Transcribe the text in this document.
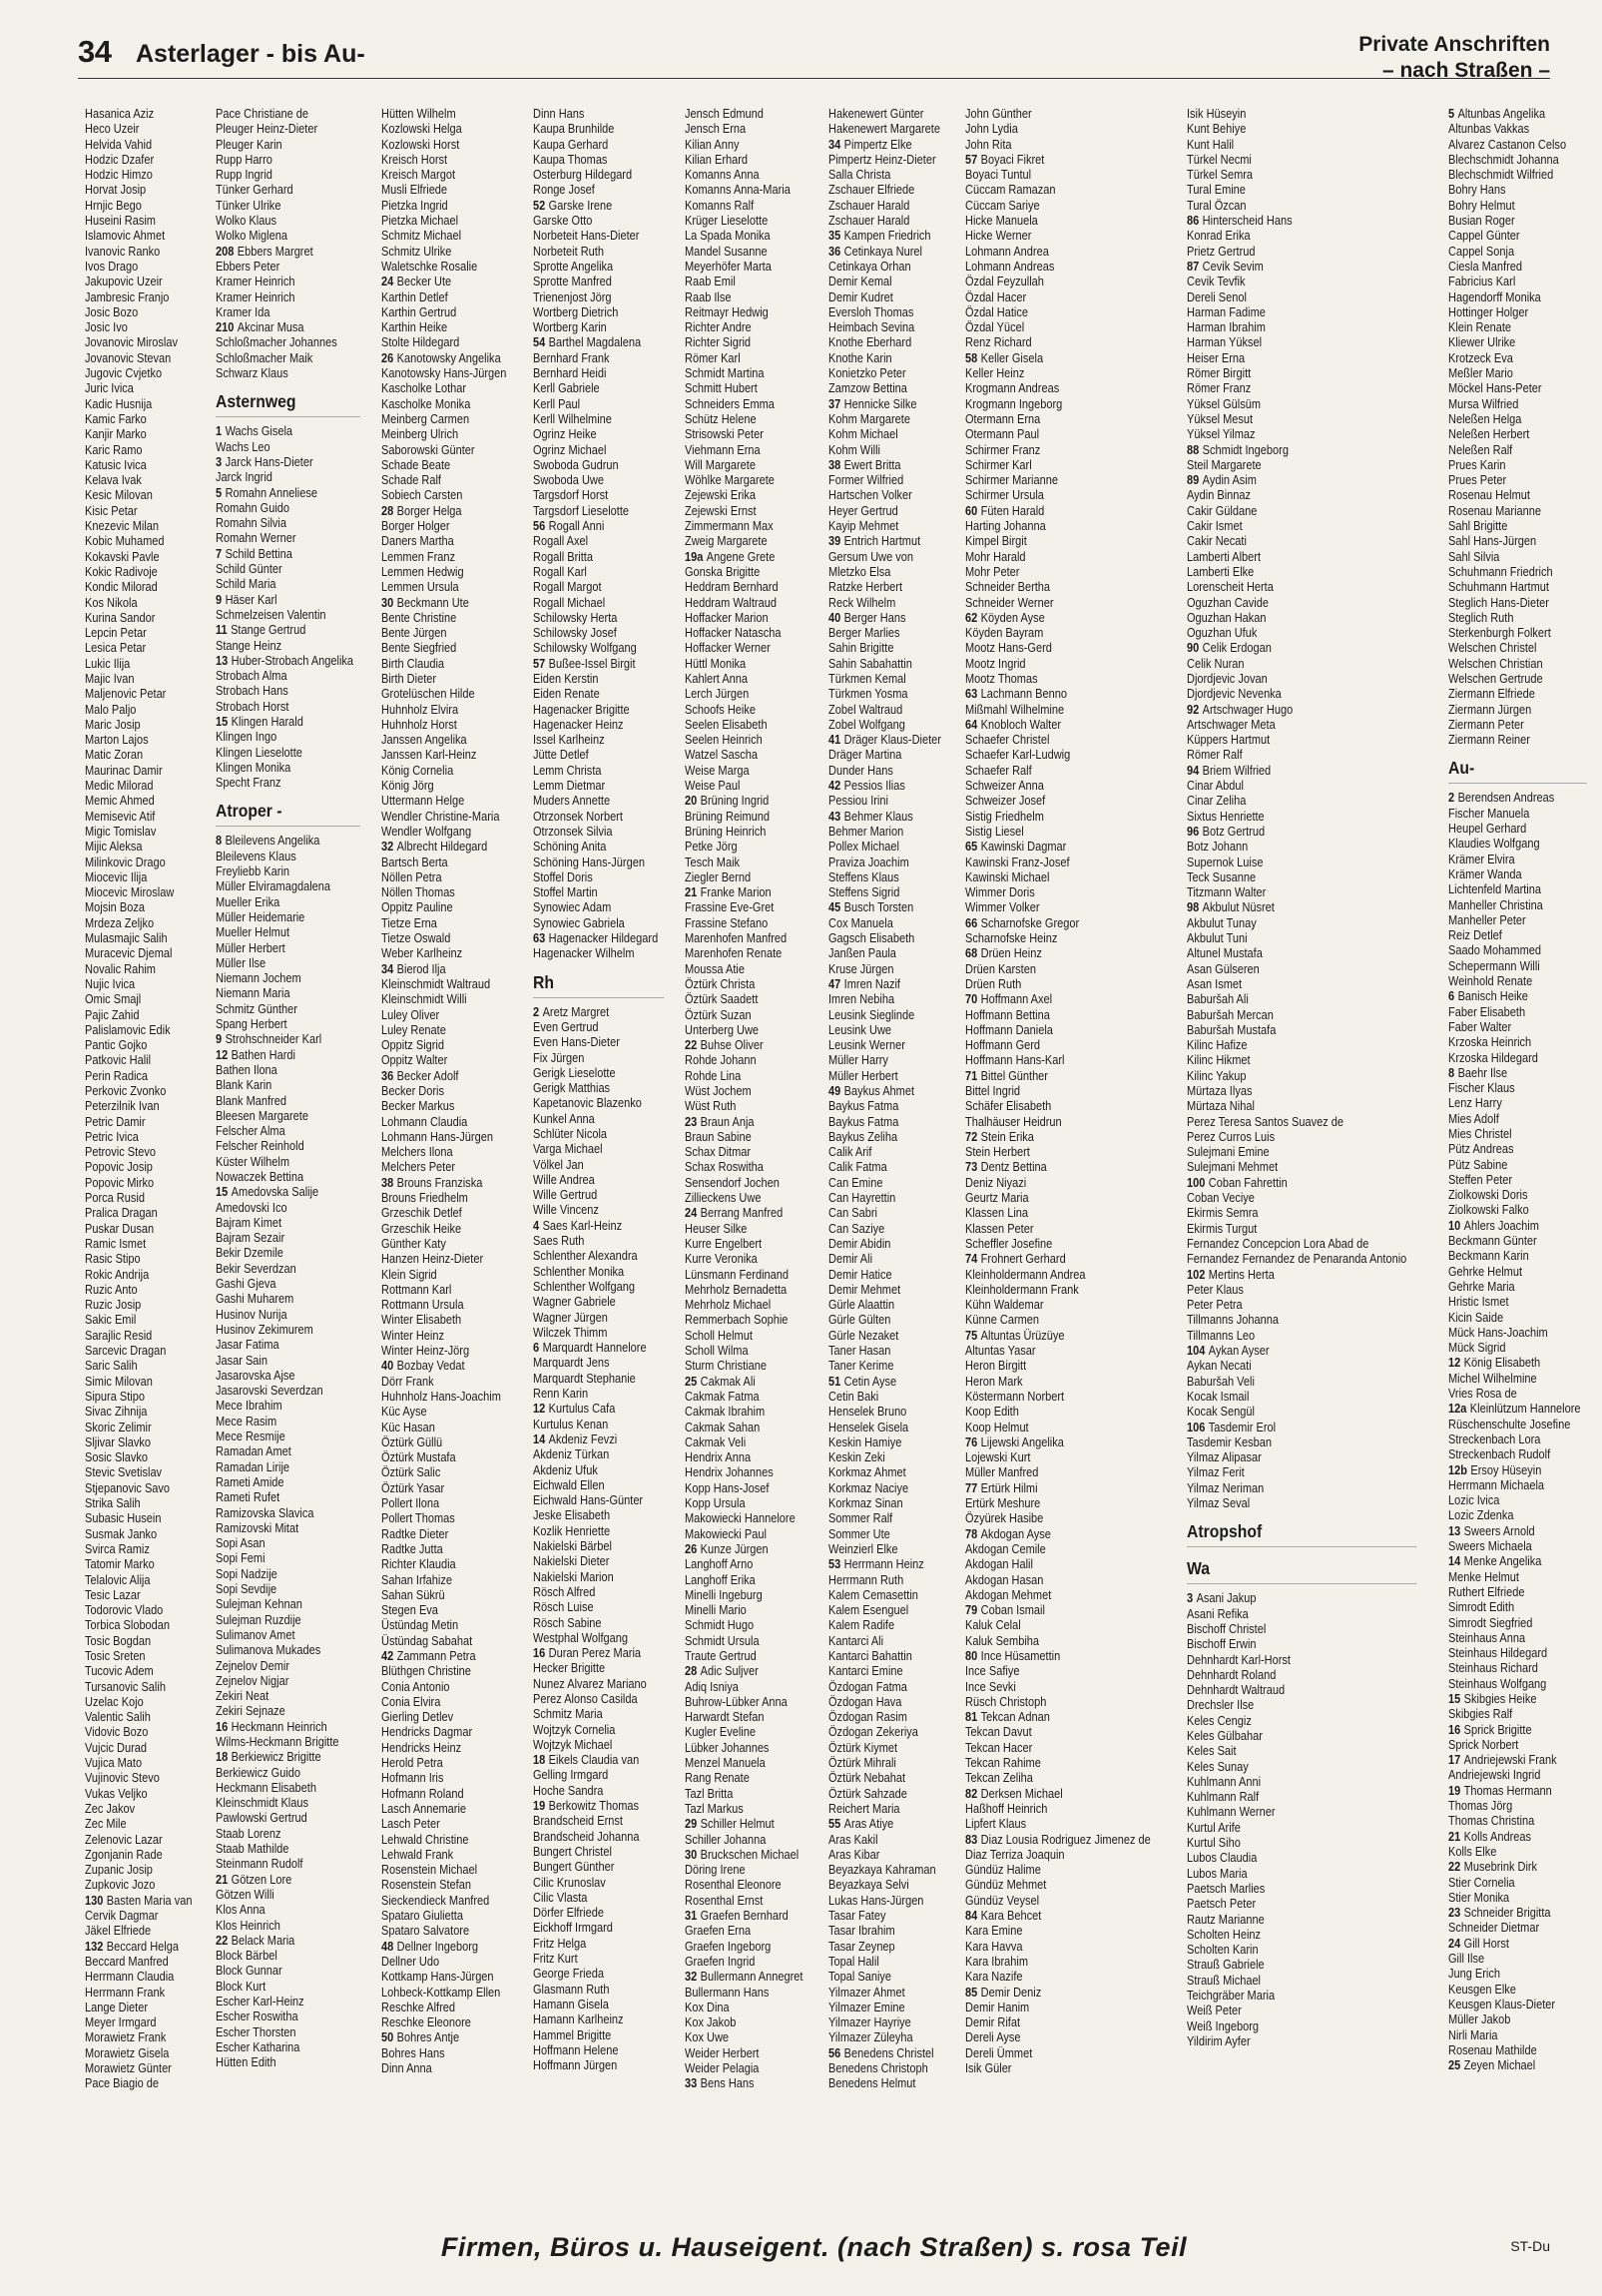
34 Asterlager - bis Au-	Private Anschriften
– nach Straßen –
Hasanica Aziz
Heco Uzeir
Helvida Vahid
Hodzic Dzafer
Hodzic Himzo
Horvat Josip
Hrnjic Bego
Huseini Rasim
Islamovic Ahmet
Ivanovic Ranko
Ivos Drago
Jakupovic Uzeir
Jambresic Franjo
Josic Bozo
Josic Ivo
Jovanovic Miroslav
Jovanovic Stevan
Jugovic Cvjetko
Juric Ivica
Kadic Husnija
Kamic Farko
Kanjir Marko
Karic Ramo
Katusic Ivica
Kelava Ivak
Kesic Milovan
Kisic Petar
Knezevic Milan
Kobic Muhamed
Kokavski Pavle
Kokic Radivoje
Kondic Milorad
Kos Nikola
Kurina Sandor
Lepcin Petar
Lesica Petar
Lukic Ilija
Majic Ivan
Maljenovic Petar
Malo Paljo
Maric Josip
Marton Lajos
Matic Zoran
Maurinac Damir
Medic Milorad
Memic Ahmed
Memisevic Atif
Migic Tomislav
Mijic Aleksa
Milinkovic Drago
Miocevic Ilija
Miocevic Miroslaw
Mojsin Boza
Mrdeza Zeljko
Mulasmajic Salih
Muracevic Djemal
Novalic Rahim
Nujic Ivica
Omic Smajl
Pajic Zahid
Palislamovic Edik
Pantic Gojko
Patkovic Halil
Perin Radica
Perkovic Zvonko
Peterzilnik Ivan
Petric Damir
Petric Ivica
Petrovic Stevo
Popovic Josip
Popovic Mirko
Porca Rusid
Pralica Dragan
Puskar Dusan
Ramic Ismet
Rasic Stipo
Rokic Andrija
Ruzic Anto
Ruzic Josip
Sakic Emil
Sarajlic Resid
Sarcevic Dragan
Saric Salih
Simic Milovan
Sipura Stipo
Sivac Zihnija
Skoric Zelimir
Sljivar Slavko
Sosic Slavko
Stevic Svetislav
Stjepanovic Savo
Strika Salih
Subasic Husein
Susmak Janko
Svirca Ramiz
Tatomir Marko
Telalovic Alija
Tesic Lazar
Todorovic Vlado
Torbica Slobodan
Tosic Bogdan
Tosic Sreten
Tucovic Adem
Tursanovic Salih
Uzelac Kojo
Valentic Salih
Vidovic Bozo
Vujcic Durad
Vujica Mato
Vujinovic Stevo
Vukas Veljko
Zec Jakov
Zec Mile
Zelenovic Lazar
Zgonjanin Rade
Zupanic Josip
Zupkovic Jozo
130 Basten Maria van
Cervik Dagmar
Jäkel Elfriede
132 Beccard Helga
Beccard Manfred
Herrmann Claudia
Herrmann Frank
Lange Dieter
Meyer Irmgard
Morawietz Frank
Morawietz Gisela
Morawietz Günter
Pace Biagio de
Pace Christiane de
Pleuger Heinz-Dieter
Pleuger Karin
Rupp Harro
Rupp Ingrid
Tünker Gerhard
Tünker Ulrike
Wolko Klaus
Wolko Miglena
208 Ebbers Margret
Ebbers Peter
Kramer Heinrich
Kramer Heinrich
Kramer Ida
210 Akcinar Musa
Schloßmacher Johannes
Schloßmacher Maik
Schwarz Klaus
Asternweg
1 Wachs Gisela
Wachs Leo
3 Jarck Hans-Dieter
Jarck Ingrid
5 Romahn Anneliese
Romahn Guido
Romahn Silvia
Romahn Werner
7 Schild Bettina
Schild Günter
Schild Maria
9 Häser Karl
Schmelzeisen Valentin
11 Stange Gertrud
Stange Heinz
13 Huber-Strobach Angelika
Strobach Alma
Strobach Hans
Strobach Horst
15 Klingen Harald
Klingen Ingo
Klingen Lieselotte
Klingen Monika
Specht Franz
Atroper -
8 Bleilevens Angelika
Bleilevens Klaus
Freyliebb Karin
Müller Elviramagdalena
Mueller Erika
Müller Heidemarie
Mueller Helmut
Müller Herbert
Müller Ilse
Niemann Jochem
Niemann Maria
Schmitz Günther
Spang Herbert
9 Strohschneider Karl
12 Bathen Hardi
Bathen Ilona
Blank Karin
Blank Manfred
Bleesen Margarete
Felscher Alma
Felscher Reinhold
Küster Wilhelm
Nowaczek Bettina
15 Amedovska Salije
Amedovski Ico
Bajram Kimet
Bajram Sezair
Bekir Dzemile
Bekir Severdzan
Gashi Gjeva
Gashi Muharem
Husinov Nurija
Husinov Zekimurem
Jasar Fatima
Jasar Sain
Jasarovska Ajse
Jasarovski Severdzan
Mece Ibrahim
Mece Rasim
Mece Resmije
Ramadan Amet
Ramadan Lirije
Rameti Amide
Rameti Rufet
Ramizovska Slavica
Ramizovski Mitat
Sopi Asan
Sopi Femi
Sopi Nadzije
Sopi Sevdije
Sulejman Kehnan
Sulejman Ruzdije
Sulimanov Amet
Sulimanova Mukades
Zejnelov Demir
Zejnelov Nigjar
Zekiri Neat
Zekiri Sejnaze
16 Heckmann Heinrich
Wilms-Heckmann Brigitte
18 Berkiewicz Brigitte
Berkiewicz Guido
Heckmann Elisabeth
Kleinschmidt Klaus
Pawlowski Gertrud
Staab Lorenz
Staab Mathilde
Steinmann Rudolf
21 Götzen Lore
Götzen Willi
Klos Anna
Klos Heinrich
22 Belack Maria
Block Bärbel
Block Gunnar
Block Kurt
Escher Karl-Heinz
Escher Roswitha
Escher Thorsten
Escher Katharina
Hütten Edith
Hütten Wilhelm
Kozlowski Helga
Kozlowski Horst
Kreisch Horst
Kreisch Margot
Musli Elfriede
Pietzka Ingrid
Pietzka Michael
Schmitz Michael
Schmitz Ulrike
Waletschke Rosalie
24 Becker Ute
Karthin Detlef
Karthin Gertrud
Karthin Heike
Stolte Hildegard
26 Kanotowsky Angelika
Kanotowsky Hans-Jürgen
Kascholke Lothar
Kascholke Monika
Meinberg Carmen
Meinberg Ulrich
Saborowski Günter
Schade Beate
Schade Ralf
Sobiech Carsten
28 Borger Helga
Borger Holger
Daners Martha
Lemmen Franz
Lemmen Hedwig
Lemmen Ursula
30 Beckmann Ute
Bente Christine
Bente Jürgen
Bente Siegfried
Birth Claudia
Birth Dieter
Grotelüschen Hilde
Huhnholz Elvira
Huhnholz Horst
Janssen Angelika
Janssen Karl-Heinz
König Cornelia
König Jörg
Uttermann Helge
Wendler Christine-Maria
Wendler Wolfgang
32 Albrecht Hildegard
Bartsch Berta
Nöllen Petra
Nöllen Thomas
Oppitz Pauline
Tietze Erna
Tietze Oswald
Weber Karlheinz
34 Bierod Ilja
Kleinschmidt Waltraud
Kleinschmidt Willi
Luley Oliver
Luley Renate
Oppitz Sigrid
Oppitz Walter
36 Becker Adolf
Becker Doris
Becker Markus
Lohmann Claudia
Lohmann Hans-Jürgen
Melchers Ilona
Melchers Peter
38 Brouns Franziska
Brouns Friedhelm
Grzeschik Detlef
Grzeschik Heike
Günther Katy
Hanzen Heinz-Dieter
Klein Sigrid
Rottmann Karl
Rottmann Ursula
Winter Elisabeth
Winter Heinz
Winter Heinz-Jörg
40 Bozbay Vedat
Dörr Frank
Huhnholz Hans-Joachim
Küc Ayse
Küc Hasan
Öztürk Güllü
Öztürk Mustafa
Öztürk Salic
Öztürk Yasar
Pollert Ilona
Pollert Thomas
Radtke Dieter
Radtke Jutta
Richter Klaudia
Sahan Irfahize
Sahan Sükrü
Stegen Eva
Üstündag Metin
Üstündag Sabahat
42 Zammann Petra
Blüthgen Christine
Conia Antonio
Conia Elvira
Gierling Detlev
Hendricks Dagmar
Hendricks Heinz
Herold Petra
Hofmann Iris
Hofmann Roland
Lasch Annemarie
Lasch Peter
Lehwald Christine
Lehwald Frank
Rosenstein Michael
Rosenstein Stefan
Sieckendieck Manfred
Spataro Giulietta
Spataro Salvatore
48 Dellner Ingeborg
Dellner Udo
Kottkamp Hans-Jürgen
Lohbeck-Kottkamp Ellen
Reschke Alfred
Reschke Eleonore
50 Bohres Antje
Bohres Hans
Dinn Anna
Dinn Hans
Kaupa Brunhilde
Kaupa Gerhard
Kaupa Thomas
Osterburg Hildegard
Ronge Josef
52 Garske Irene
Garske Otto
Norbeteit Hans-Dieter
Norbeteit Ruth
Sprotte Angelika
Sprotte Manfred
Trienenjost Jörg
Wortberg Dietrich
Wortberg Karin
54 Barthel Magdalena
Bernhard Frank
Bernhard Heidi
Kerll Gabriele
Kerll Paul
Kerll Wilhelmine
Ogrinz Heike
Ogrinz Michael
Swoboda Gudrun
Swoboda Uwe
Targsdorf Horst
Targsdorf Lieselotte
56 Rogall Anni
Rogall Axel
Rogall Britta
Rogall Karl
Rogall Margot
Rogall Michael
Schilowsky Herta
Schilowsky Josef
Schilowsky Wolfgang
57 Bußee-Issel Birgit
Eiden Kerstin
Eiden Renate
Hagenacker Brigitte
Hagenacker Heinz
Issel Karlheinz
Jütte Detlef
Lemm Christa
Lemm Dietmar
Muders Annette
Otrzonsek Norbert
Otrzonsek Silvia
Schöning Anita
Schöning Hans-Jürgen
Stoffel Doris
Stoffel Martin
Synowiec Adam
Synowiec Gabriela
63 Hagenacker Hildegard
Hagenacker Wilhelm
Rh
2 Aretz Margret
Even Gertrud
Even Hans-Dieter
Fix Jürgen
Gerigk Lieselotte
Gerigk Matthias
Kapetanovic Blazenko
Kunkel Anna
Schlüter Nicola
Varga Michael
Völkel Jan
Wille Andrea
Wille Gertrud
Wille Vincenz
4 Saes Karl-Heinz
Saes Ruth
Schlenther Alexandra
Schlenther Monika
Schlenther Wolfgang
Wagner Gabriele
Wagner Jürgen
Wilczek Thimm
6 Marquardt Hannelore
Marquardt Jens
Marquardt Stephanie
Renn Karin
12 Kurtulus Cafa
Kurtulus Kenan
14 Akdeniz Fevzi
Akdeniz Türkan
Akdeniz Ufuk
Eichwald Ellen
Eichwald Hans-Günter
Jeske Elisabeth
Kozlik Henriette
Nakielski Bärbel
Nakielski Dieter
Nakielski Marion
Rösch Alfred
Rösch Luise
Rösch Sabine
Westphal Wolfgang
16 Duran Perez Maria
Hecker Brigitte
Nunez Alvarez Mariano
Perez Alonso Casilda
Schmitz Maria
Wojtzyk Cornelia
Wojtzyk Michael
18 Eikels Claudia van
Gelling Irmgard
Hoche Sandra
19 Berkowitz Thomas
Brandscheid Ernst
Brandscheid Johanna
Bungert Christel
Bungert Günther
Cilic Krunoslav
Cilic Vlasta
Dörfer Elfriede
Eickhoff Irmgard
Fritz Helga
Fritz Kurt
George Frieda
Glasmann Ruth
Hamann Gisela
Hamann Karlheinz
Hammel Brigitte
Hoffmann Helene
Hoffmann Jürgen
Jensch Edmund
Jensch Erna
Kilian Anny
Kilian Erhard
Komanns Anna
Komanns Anna-Maria
Komanns Ralf
Krüger Lieselotte
La Spada Monika
Mandel Susanne
Meyerhöfer Marta
Raab Emil
Raab Ilse
Reitmayr Hedwig
Richter Andre
Richter Sigrid
Römer Karl
Schmidt Martina
Schmitt Hubert
Schneiders Emma
Schütz Helene
Strisowski Peter
Viehmann Erna
Will Margarete
Wöhlke Margarete
Zejewski Erika
Zejewski Ernst
Zimmermann Max
Zweig Margarete
19a Angene Grete
Gonska Brigitte
Heddram Bernhard
Heddram Waltraud
Hoffacker Marion
Hoffacker Natascha
Hoffacker Werner
Hüttl Monika
Kahlert Anna
Lerch Jürgen
Schoofs Heike
Seelen Elisabeth
Seelen Heinrich
Watzel Sascha
Weise Marga
Weise Paul
20 Brüning Ingrid
Brüning Reimund
Brüning Heinrich
Petke Jörg
Tesch Maik
Ziegler Bernd
21 Franke Marion
Frassine Eve-Gret
Frassine Stefano
Marenhofen Manfred
Marenhofen Renate
Moussa Atie
Öztürk Christa
Öztürk Saadett
Öztürk Suzan
Unterberg Uwe
22 Buhse Oliver
Rohde Johann
Rohde Lina
Wüst Jochem
Wüst Ruth
23 Braun Anja
Braun Sabine
Schax Ditmar
Schax Roswitha
Sensendorf Jochen
Zillieckens Uwe
24 Berrang Manfred
Heuser Silke
Kurre Engelbert
Kurre Veronika
Lünsmann Ferdinand
Mehrholz Bernadetta
Mehrholz Michael
Remmerbach Sophie
Scholl Helmut
Scholl Wilma
Sturm Christiane
25 Cakmak Ali
Cakmak Fatma
Cakmak Ibrahim
Cakmak Sahan
Cakmak Veli
Hendrix Anna
Hendrix Johannes
Kopp Hans-Josef
Kopp Ursula
Makowiecki Hannelore
Makowiecki Paul
26 Kunze Jürgen
Langhoff Arno
Langhoff Erika
Minelli Ingeburg
Minelli Mario
Schmidt Hugo
Schmidt Ursula
Traute Gertrud
28 Adic Suljver
Adiq Isniya
Buhrow-Lübker Anna
Harwardt Stefan
Kugler Eveline
Lübker Johannes
Menzel Manuela
Rang Renate
Tazl Britta
Tazl Markus
29 Schiller Helmut
Schiller Johanna
30 Bruckschen Michael
Döring Irene
Rosenthal Eleonore
Rosenthal Ernst
31 Graefen Bernhard
Graefen Erna
Graefen Ingeborg
Graefen Ingrid
32 Bullermann Annegret
Bullermann Hans
Kox Dina
Kox Jakob
Kox Uwe
Weider Herbert
Weider Pelagia
33 Bens Hans
Hakenewert Günter
Hakenewert Margarete
34 Pimpertz Elke
Pimpertz Heinz-Dieter
Salla Christa
Zschauer Elfriede
Zschauer Harald
Zschauer Harald
35 Kampen Friedrich
36 Cetinkaya Nurel
Cetinkaya Orhan
Demir Kemal
Demir Kudret
Eversloh Thomas
Heimbach Sevina
Knothe Eberhard
Knothe Karin
Konietzko Peter
Zamzow Bettina
37 Hennicke Silke
Kohm Margarete
Kohm Michael
Kohm Willi
38 Ewert Britta
Former Wilfried
Hartschen Volker
Heyer Gertrud
Kayip Mehmet
39 Entrich Hartmut
Gersum Uwe von
Mletzko Elsa
Ratzke Herbert
Reck Wilhelm
40 Berger Hans
Berger Marlies
Sahin Brigitte
Sahin Sabahattin
Türkmen Kemal
Türkmen Yosma
Zobel Waltraud
Zobel Wolfgang
41 Dräger Klaus-Dieter
Dräger Martina
Dunder Hans
42 Pessios Ilias
Pessiou Irini
43 Behmer Klaus
Behmer Marion
Pollex Michael
Praviza Joachim
Steffens Klaus
Steffens Sigrid
45 Busch Torsten
Cox Manuela
Gagsch Elisabeth
Janßen Paula
Kruse Jürgen
47 Imren Nazif
Imren Nebiha
Leusink Sieglinde
Leusink Uwe
Leusink Werner
Müller Harry
Müller Herbert
49 Baykus Ahmet
Baykus Fatma
Baykus Fatma
Baykus Zeliha
Calik Arif
Calik Fatma
Can Emine
Can Hayrettin
Can Sabri
Can Saziye
Demir Abidin
Demir Ali
Demir Hatice
Demir Mehmet
Gürle Alaattin
Gürle Gülten
Gürle Nezaket
Taner Hasan
Taner Kerime
51 Cetin Ayse
Cetin Baki
Henselek Bruno
Henselek Gisela
Keskin Hamiye
Keskin Zeki
Korkmaz Ahmet
Korkmaz Naciye
Korkmaz Sinan
Sommer Ralf
Sommer Ute
Weinzierl Elke
53 Herrmann Heinz
Herrmann Ruth
Kalem Cemasettin
Kalem Esenguel
Kalem Radife
Kantarci Ali
Kantarci Bahattin
Kantarci Emine
Özdogan Fatma
Özdogan Hava
Özdogan Rasim
Özdogan Zekeriya
Öztürk Kiymet
Öztürk Mihrali
Öztürk Nebahat
Öztürk Sahzade
Reichert Maria
55 Aras Atiye
Aras Kakil
Aras Kibar
Beyazkaya Kahraman
Beyazkaya Selvi
Lukas Hans-Jürgen
Tasar Fatey
Tasar Ibrahim
Tasar Zeynep
Topal Halil
Topal Saniye
Yilmazer Ahmet
Yilmazer Emine
Yilmazer Hayriye
Yilmazer Züleyha
56 Benedens Christel
Benedens Christoph
Benedens Helmut
John Günther
John Lydia
John Rita
57 Boyaci Fikret
Boyaci Tuntul
Cüccam Ramazan
Cüccam Sariye
Hicke Manuela
Hicke Werner
Lohmann Andrea
Lohmann Andreas
Özdal Feyzullah
Özdal Hacer
Özdal Hatice
Özdal Yücel
Renz Richard
58 Keller Gisela
Keller Heinz
Krogmann Andreas
Krogmann Ingeborg
Otermann Erna
Otermann Paul
Schirmer Franz
Schirmer Karl
Schirmer Marianne
Schirmer Ursula
60 Füten Harald
Harting Johanna
Kimpel Birgit
Mohr Harald
Mohr Peter
Schneider Bertha
Schneider Werner
62 Köyden Ayse
Köyden Bayram
Mootz Hans-Gerd
Mootz Ingrid
Mootz Thomas
63 Lachmann Benno
Mißmahl Wilhelmine
64 Knobloch Walter
Schaefer Christel
Schaefer Karl-Ludwig
Schaefer Ralf
Schweizer Anna
Schweizer Josef
Sistig Friedhelm
Sistig Liesel
65 Kawinski Dagmar
Kawinski Franz-Josef
Kawinski Michael
Wimmer Doris
Wimmer Volker
66 Scharnofske Gregor
Scharnofske Heinz
68 Drüen Heinz
Drüen Karsten
Drüen Ruth
70 Hoffmann Axel
Hoffmann Bettina
Hoffmann Daniela
Hoffmann Gerd
Hoffmann Hans-Karl
71 Bittel Günther
Bittel Ingrid
Schäfer Elisabeth
Thalhäuser Heidrun
72 Stein Erika
Stein Herbert
73 Dentz Bettina
Deniz Niyazi
Geurtz Maria
Klassen Lina
Klassen Peter
Scheffler Josefine
74 Frohnert Gerhard
Kleinholdermann Andrea
Kleinholdermann Frank
Kühn Waldemar
Künne Carmen
75 Altuntas Ürüzüye
Altuntas Yasar
Heron Birgitt
Heron Mark
Köstermann Norbert
Koop Edith
Koop Helmut
76 Lijewski Angelika
Lojewski Kurt
Müller Manfred
77 Ertürk Hilmi
Ertürk Meshure
Özyürek Hasibe
78 Akdogan Ayse
Akdogan Cemile
Akdogan Halil
Akdogan Hasan
Akdogan Mehmet
79 Coban Ismail
Kaluk Celal
Kaluk Sembiha
80 Ince Hüsamettin
Ince Safiye
Ince Sevki
Rüsch Christoph
81 Tekcan Adnan
Tekcan Davut
Tekcan Hacer
Tekcan Rahime
Tekcan Zeliha
82 Derksen Michael
Haßhoff Heinrich
Lipfert Klaus
83 Diaz Lousia Rodriguez Jimenez de
Diaz Terriza Joaquin
Gündüz Halime
Gündüz Mehmet
Gündüz Veysel
84 Kara Behcet
Kara Emine
Kara Havva
Kara Ibrahim
Kara Nazife
85 Demir Deniz
Demir Hanim
Demir Rifat
Dereli Ayse
Dereli Ümmet
Isik Güler
Isik Hüseyin
Kunt Behiye
Kunt Halil
Türkel Necmi
Türkel Semra
Tural Emine
Tural Özcan
86 Hinterscheid Hans
Konrad Erika
Prietz Gertrud
87 Cevik Sevim
Cevik Tevfik
Dereli Senol
Harman Fadime
Harman Ibrahim
Harman Yüksel
Heiser Erna
Römer Birgitt
Römer Franz
Yüksel Gülsüm
Yüksel Mesut
Yüksel Yilmaz
88 Schmidt Ingeborg
Steil Margarete
89 Aydin Asim
Aydin Binnaz
Cakir Güldane
Cakir Ismet
Cakir Necati
Lamberti Albert
Lamberti Elke
Lorenscheit Herta
Oguzhan Cavide
Oguzhan Hakan
Oguzhan Ufuk
90 Celik Erdogan
Celik Nuran
Djordjevic Jovan
Djordjevic Nevenka
92 Artschwager Hugo
Artschwager Meta
Küppers Hartmut
Römer Ralf
94 Briem Wilfried
Cinar Abdul
Cinar Zeliha
Sixtus Henriette
96 Botz Gertrud
Botz Johann
Supernok Luise
Teck Susanne
Titzmann Walter
98 Akbulut Nüsret
Akbulut Tunay
Akbulut Tuni
Altunel Mustafa
Asan Gülseren
Asan Ismet
Baburšah Ali
Baburšah Mercan
Baburšah Mustafa
Kilinc Hafize
Kilinc Hikmet
Kilinc Yakup
Mürtaza Ilyas
Mürtaza Nihal
Perez Teresa Santos Suavez de
Perez Curros Luis
Sulejmani Emine
Sulejmani Mehmet
100 Coban Fahrettin
Coban Veciye
Ekirmis Semra
Ekirmis Turgut
Fernandez Concepcion Lora Abad de
Fernandez Fernandez de Penaranda Antonio
102 Mertins Herta
Peter Klaus
Peter Petra
Tillmanns Johanna
Tillmanns Leo
104 Aykan Ayser
Aykan Necati
Baburšah Veli
Kocak Ismail
Kocak Sengül
106 Tasdemir Erol
Tasdemir Kesban
Yilmaz Alipasar
Yilmaz Ferit
Yilmaz Neriman
Yilmaz Seval
Atropshof
Wa
3 Asani Jakup
Asani Refika
Bischoff Christel
Bischoff Erwin
Dehnhardt Karl-Horst
Dehnhardt Roland
Dehnhardt Waltraud
Drechsler Ilse
Keles Cengiz
Keles Gülbahar
Keles Sait
Keles Sunay
Kuhlmann Anni
Kuhlmann Ralf
Kuhlmann Werner
Kurtul Arife
Kurtul Siho
Lubos Claudia
Lubos Maria
Paetsch Marlies
Paetsch Peter
Rautz Marianne
Scholten Heinz
Scholten Karin
Strauß Gabriele
Strauß Michael
Teichgräber Maria
Weiß Peter
Weiß Ingeborg
Yildirim Ayfer
5 Altunbas Angelika
Altunbas Vakkas
Alvarez Castanon Celso
Blechschmidt Johanna
Blechschmidt Wilfried
Bohry Hans
Bohry Helmut
Busian Roger
Cappel Günter
Cappel Sonja
Ciesla Manfred
Fabricius Karl
Hagendorff Monika
Hottinger Holger
Klein Renate
Kliewer Ulrike
Krotzeck Eva
Meßler Mario
Möckel Hans-Peter
Mursa Wilfried
Neleßen Helga
Neleßen Herbert
Neleßen Ralf
Prues Karin
Prues Peter
Rosenau Helmut
Rosenau Marianne
Sahl Brigitte
Sahl Hans-Jürgen
Sahl Silvia
Schuhmann Friedrich
Schuhmann Hartmut
Steglich Hans-Dieter
Steglich Ruth
Sterkenburgh Folkert
Welschen Christel
Welschen Christian
Welschen Gertrude
Ziermann Elfriede
Ziermann Jürgen
Ziermann Peter
Ziermann Reiner
Au-
2 Berendsen Andreas
Fischer Manuela
Heupel Gerhard
Klaudies Wolfgang
Krämer Elvira
Krämer Wanda
Lichtenfeld Martina
Manheller Christina
Manheller Peter
Reiz Detlef
Saado Mohammed
Schepermann Willi
Weinhold Renate
6 Banisch Heike
Faber Elisabeth
Faber Walter
Krzoska Heinrich
Krzoska Hildegard
8 Baehr Ilse
Fischer Klaus
Lenz Harry
Mies Adolf
Mies Christel
Pütz Andreas
Pütz Sabine
Steffen Peter
Ziolkowski Doris
Ziolkowski Falko
10 Ahlers Joachim
Beckmann Günter
Beckmann Karin
Gehrke Helmut
Gehrke Maria
Hristic Ismet
Kicin Saide
Mück Hans-Joachim
Mück Sigrid
12 König Elisabeth
Michel Wilhelmine
Vries Rosa de
12a Kleinlützum Hannelore
Rüschenschulte Josefine
Streckenbach Lora
Streckenbach Rudolf
12b Ersoy Hüseyin
Herrmann Michaela
Lozic Ivica
Lozic Zdenka
13 Sweers Arnold
Sweers Michaela
14 Menke Angelika
Menke Helmut
Ruthert Elfriede
Simrodt Edith
Simrodt Siegfried
Steinhaus Anna
Steinhaus Hildegard
Steinhaus Richard
Steinhaus Wolfgang
15 Skibgies Heike
Skibgies Ralf
16 Sprick Brigitte
Sprick Norbert
17 Andriejewski Frank
Andriejewski Ingrid
19 Thomas Hermann
Thomas Jörg
Thomas Christina
21 Kolls Andreas
Kolls Elke
22 Musebrink Dirk
Stier Cornelia
Stier Monika
23 Schneider Brigitta
Schneider Dietmar
24 Gill Horst
Gill Ilse
Jung Erich
Keusgen Elke
Keusgen Klaus-Dieter
Müller Jakob
Nirli Maria
Rosenau Mathilde
25 Zeyen Michael
Firmen, Büros u. Hauseigent. (nach Straßen) s. rosa Teil	ST-Du
